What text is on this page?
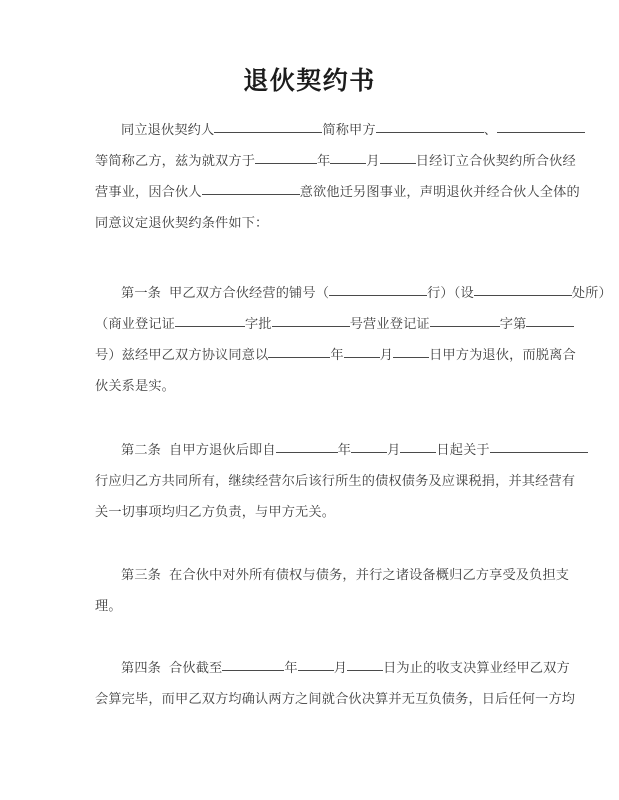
退伙契约书
同立退伙契约人	简称甲方	、
等简称乙方，兹为就双方于	年	月	日经订立合伙契约所合伙经
营事业，因合伙人	意欲他迁另图事业，声明退伙并经合伙人全体的
同意议定退伙契约条件如下：
第一条 甲乙双方合伙经营的铺号（	行）（设	处所）
（商业登记证	字批	号营业登记证	字第
号）兹经甲乙双方协议同意以	年	月	日甲方为退伙，而脱离合
伙关系是实。
第二条 自甲方退伙后即自	年	月	日起关于
行应归乙方共同所有，继续经营尔后该行所生的债权债务及应课税捐，并其经营有
关一切事项均归乙方负责，与甲方无关。
第三条 在合伙中对外所有债权与债务，并行之诸设备概归乙方享受及负担支
理。
第四条 合伙截至	年	月	日为止的收支决算业经甲乙双方
会算完毕，而甲乙双方均确认两方之间就合伙决算并无互负债务，日后任何一方均
